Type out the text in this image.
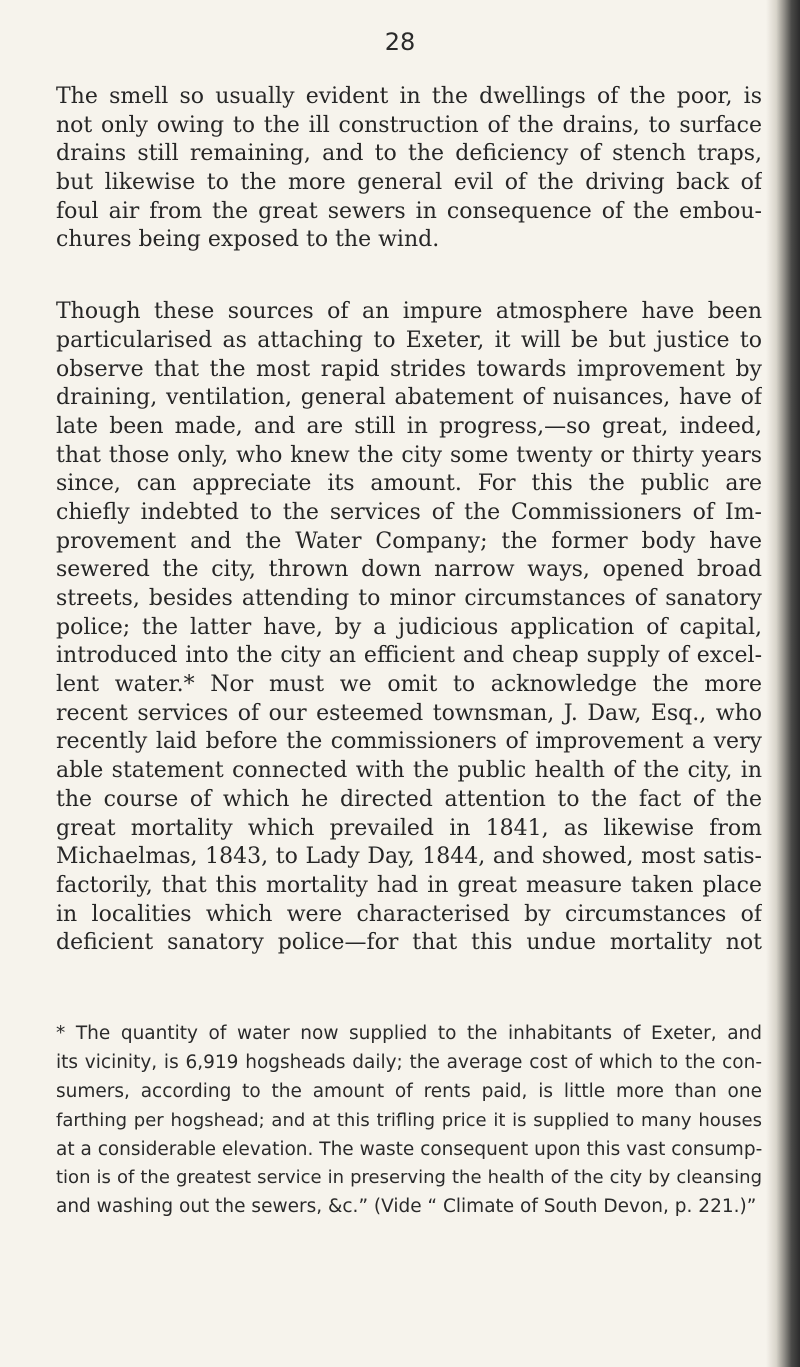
28

The smell so usually evident in the dwellings of the poor, is
not only owing to the ill construction of the drains, to surface
drains still remaining, and to the deficiency of stench traps,
but likewise to the more general evil of the driving back of
foul air from the great sewers in consequence of the embou-
chures being exposed to the wind.
Though these sources of an impure atmosphere have been
particularised as attaching to Exeter, it will be but justice to
observe that the most rapid strides towards improvement by
draining, ventilation, general abatement of nuisances, have of
late been made, and are still in progress,—so great, indeed,
that those only, who knew the city some twenty or thirty years
since, can appreciate its amount. For this the public are
chiefly indebted to the services of the Commissioners of Im-
provement and the Water Company; the former body have
sewered the city, thrown down narrow ways, opened broad
streets, besides attending to minor circumstances of sanatory
police; the latter have, by a judicious application of capital,
introduced into the city an efficient and cheap supply of excel-
lent water.* Nor must we omit to acknowledge the more
recent services of our esteemed townsman, J. Daw, Esq., who
recently laid before the commissioners of improvement a very
able statement connected with the public health of the city, in
the course of which he directed attention to the fact of the
great mortality which prevailed in 1841, as likewise from
Michaelmas, 1843, to Lady Day, 1844, and showed, most satis-
factorily, that this mortality had in great measure taken place
in localities which were characterised by circumstances of
deficient sanatory police—for that this undue mortality not
* The quantity of water now supplied to the inhabitants of Exeter, and
its vicinity, is 6,919 hogsheads daily; the average cost of which to the con-
sumers, according to the amount of rents paid, is little more than one
farthing per hogshead; and at this trifling price it is supplied to many houses
at a considerable elevation. The waste consequent upon this vast consump-
tion is of the greatest service in preserving the health of the city by cleansing
and washing out the sewers, &c.” (Vide “ Climate of South Devon, p. 221.)”
